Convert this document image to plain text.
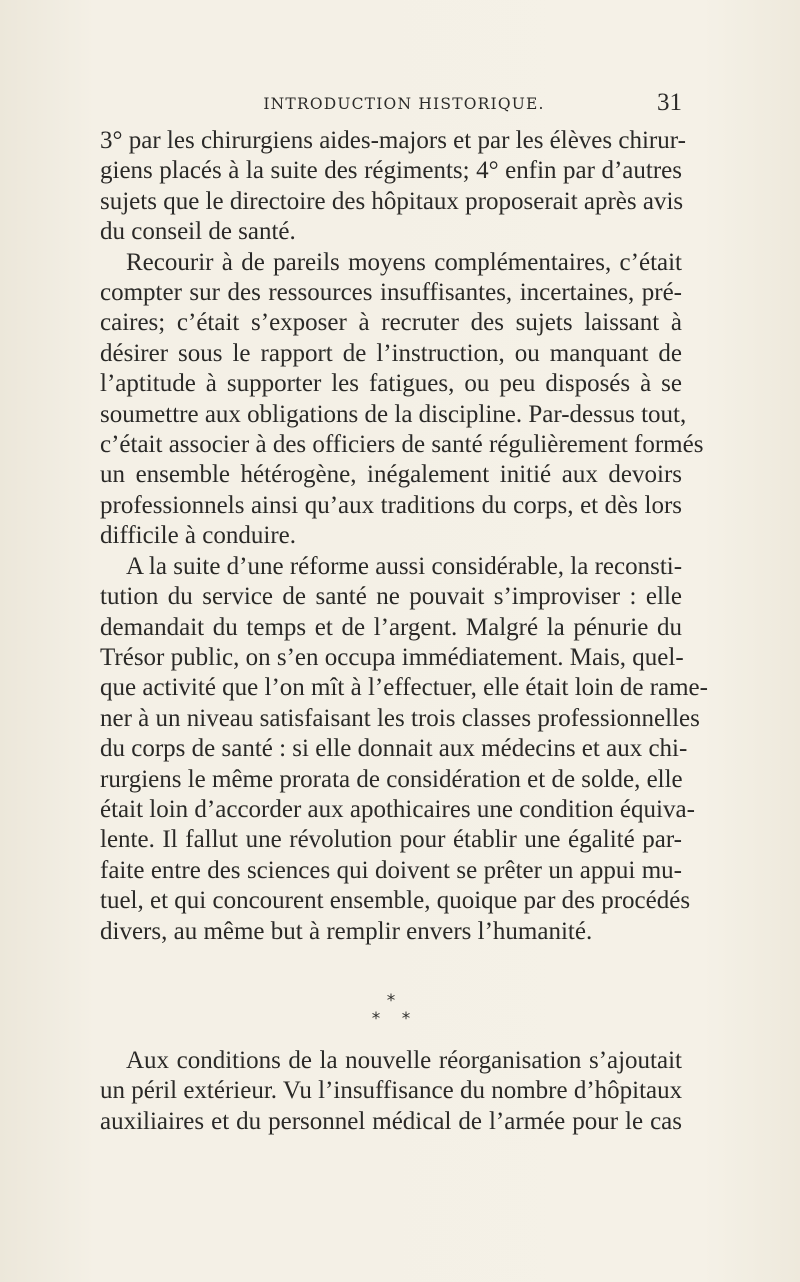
INTRODUCTION HISTORIQUE.	31
3° par les chirurgiens aides-majors et par les élèves chirur-
giens placés à la suite des régiments; 4° enfin par d’autres
sujets que le directoire des hôpitaux proposerait après avis
du conseil de santé.
Recourir à de pareils moyens complémentaires, c’était
compter sur des ressources insuffisantes, incertaines, pré-
caires; c’était s’exposer à recruter des sujets laissant à
désirer sous le rapport de l’instruction, ou manquant de
l’aptitude à supporter les fatigues, ou peu disposés à se
soumettre aux obligations de la discipline. Par-dessus tout,
c’était associer à des officiers de santé régulièrement formés
un ensemble hétérogène, inégalement initié aux devoirs
professionnels ainsi qu’aux traditions du corps, et dès lors
difficile à conduire.
A la suite d’une réforme aussi considérable, la reconsti-
tution du service de santé ne pouvait s’improviser : elle
demandait du temps et de l’argent. Malgré la pénurie du
Trésor public, on s’en occupa immédiatement. Mais, quel-
que activité que l’on mît à l’effectuer, elle était loin de rame-
ner à un niveau satisfaisant les trois classes professionnelles
du corps de santé : si elle donnait aux médecins et aux chi-
rurgiens le même prorata de considération et de solde, elle
était loin d’accorder aux apothicaires une condition équiva-
lente. Il fallut une révolution pour établir une égalité par-
faite entre des sciences qui doivent se prêter un appui mu-
tuel, et qui concourent ensemble, quoique par des procédés
divers, au même but à remplir envers l’humanité.
*
* *
Aux conditions de la nouvelle réorganisation s’ajoutait
un péril extérieur. Vu l’insuffisance du nombre d’hôpitaux
auxiliaires et du personnel médical de l’armée pour le cas
